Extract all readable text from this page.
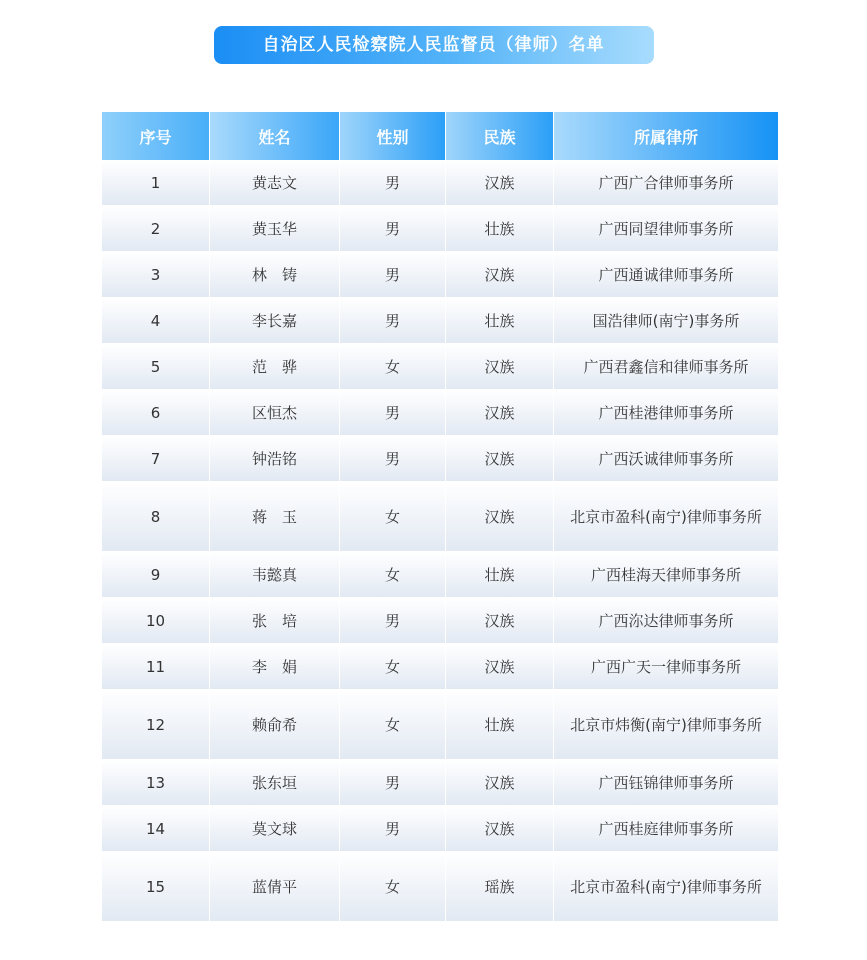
自治区人民检察院人民监督员（律师）名单
序号	姓名	性别	民族	所属律所
1	黄志文	男	汉族	广西广合律师事务所
2	黄玉华	男	壮族	广西同望律师事务所
3	林　铸	男	汉族	广西通诚律师事务所
4	李长嘉	男	壮族	国浩律师(南宁)事务所
5	范　骅	女	汉族	广西君鑫信和律师事务所
6	区恒杰	男	汉族	广西桂港律师事务所
7	钟浩铭	男	汉族	广西沃诚律师事务所
8	蒋　玉	女	汉族	北京市盈科(南宁)律师事务所
9	韦懿真	女	壮族	广西桂海天律师事务所
10	张　培	男	汉族	广西沵达律师事务所
11	李　娟	女	汉族	广西广天一律师事务所
12	赖俞希	女	壮族	北京市炜衡(南宁)律师事务所
13	张东垣	男	汉族	广西钰锦律师事务所
14	莫文球	男	汉族	广西桂庭律师事务所
15	蓝倩平	女	瑶族	北京市盈科(南宁)律师事务所
